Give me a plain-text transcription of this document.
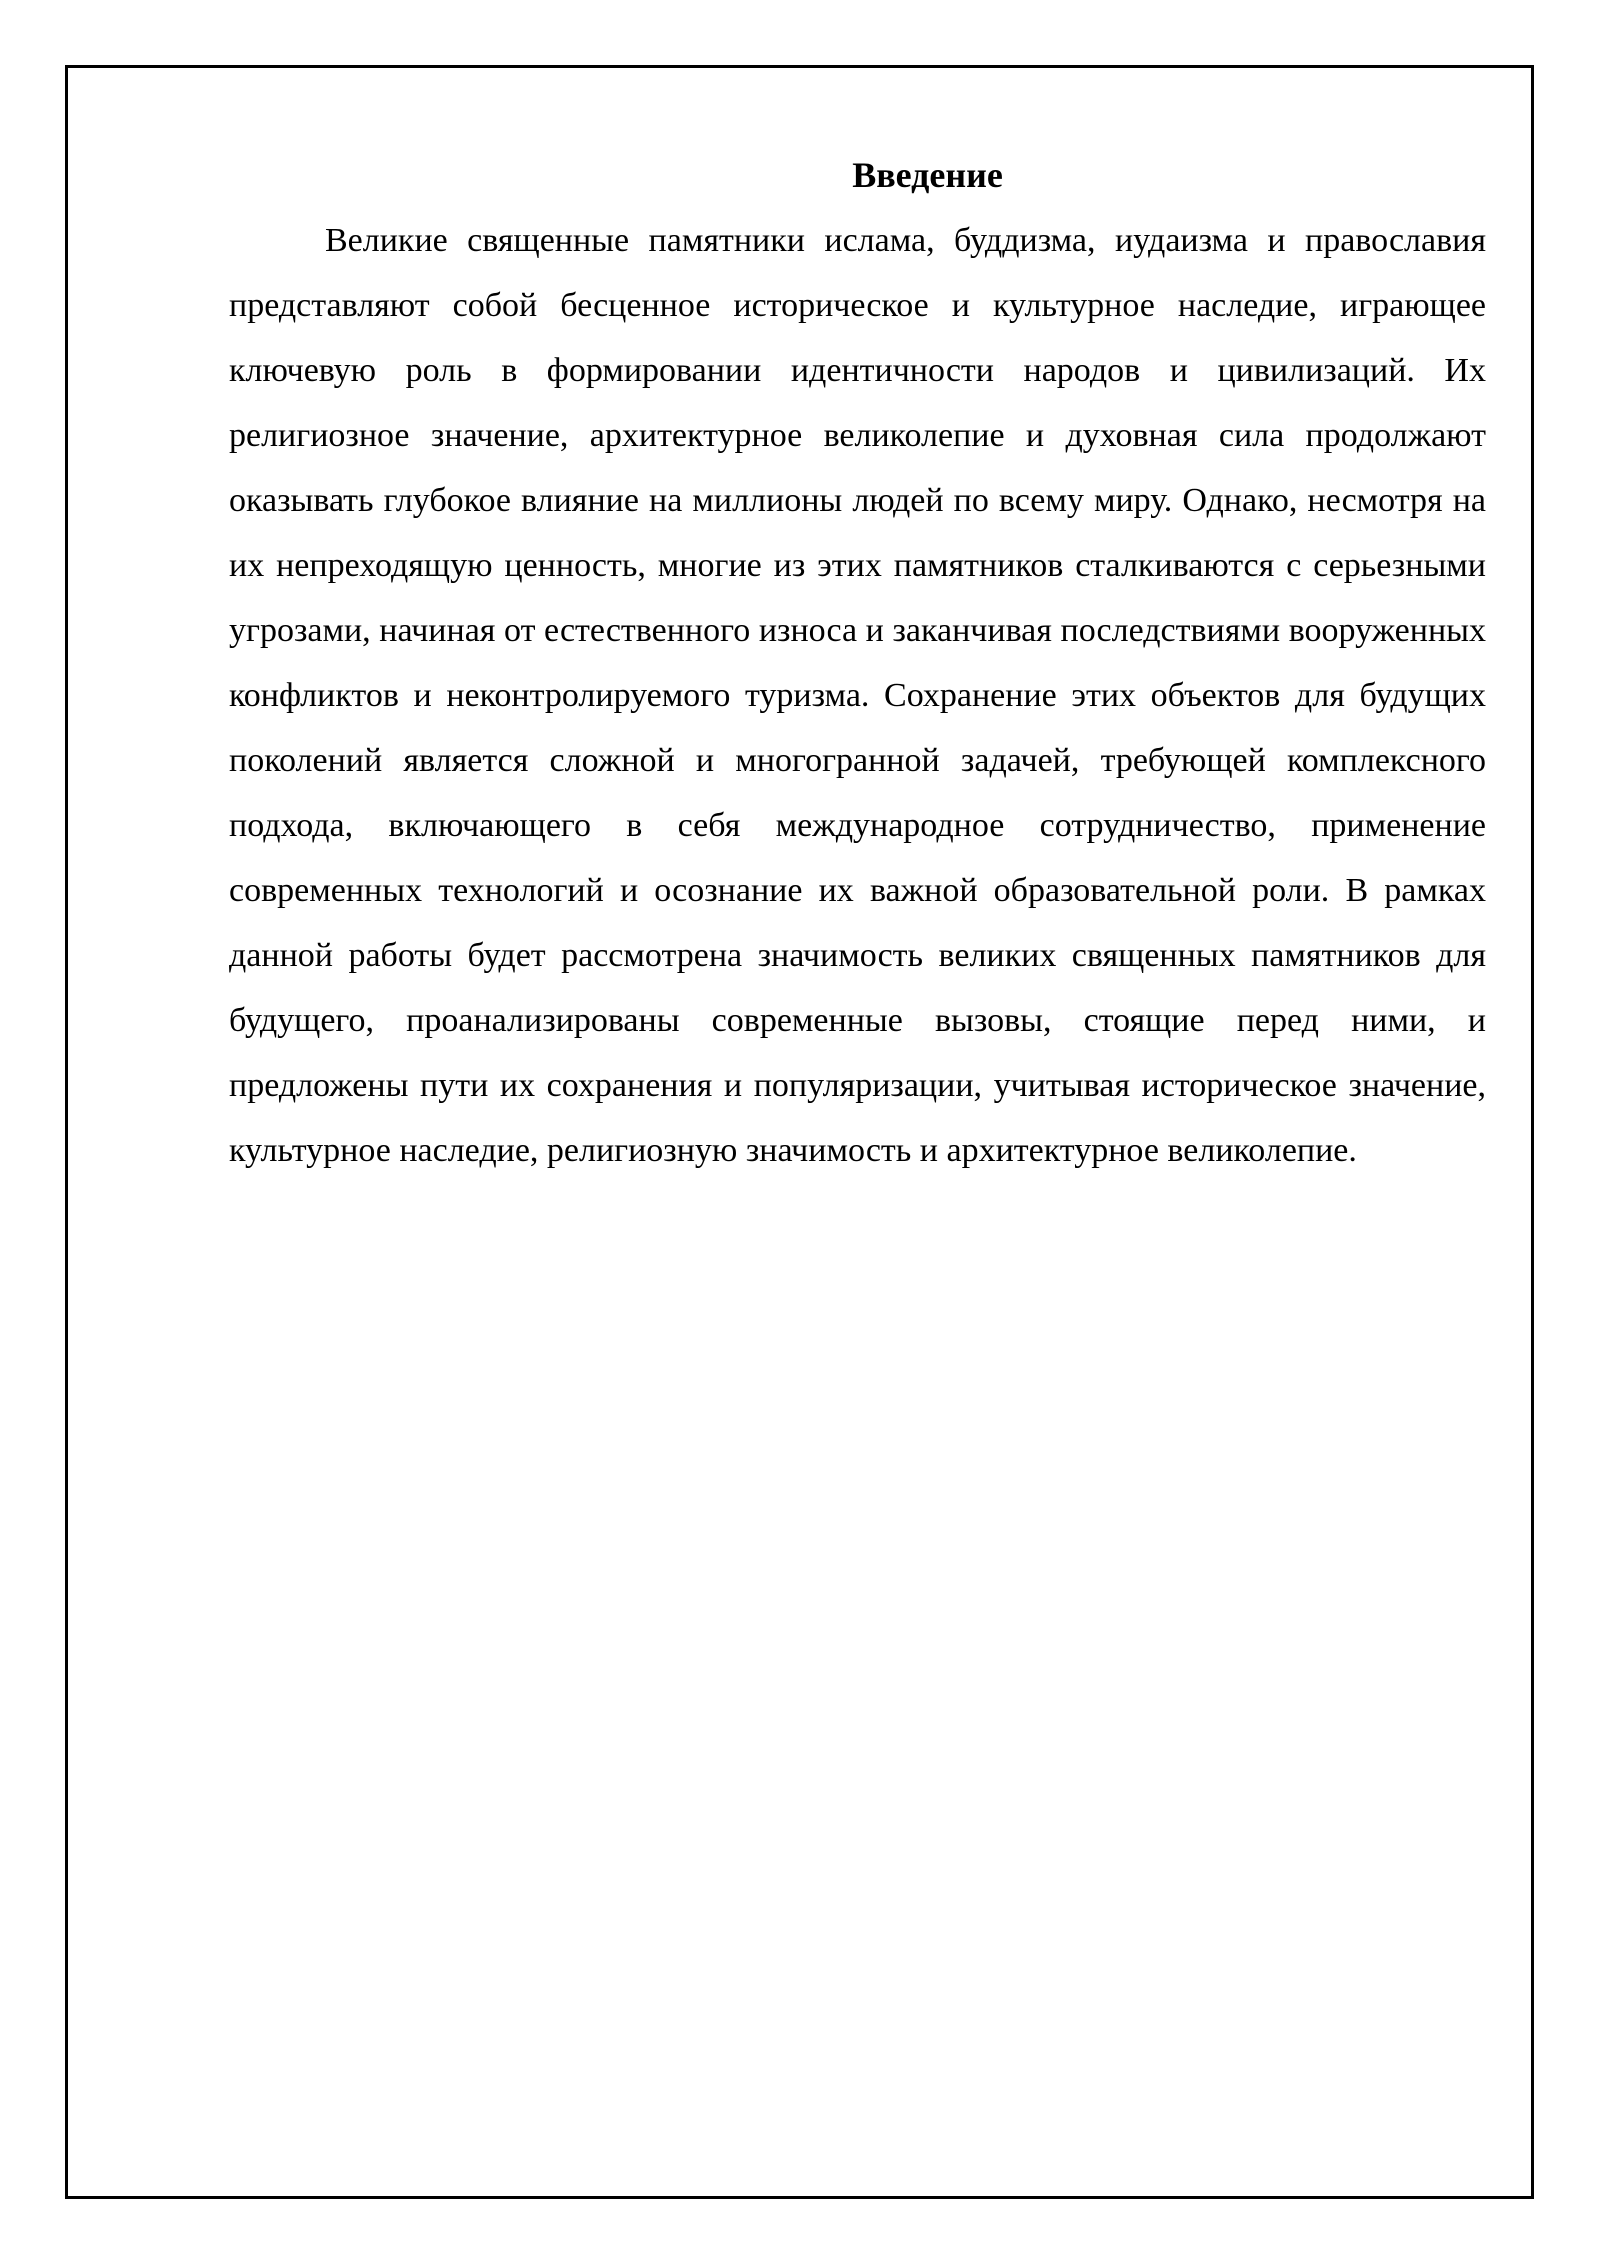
Введение

Великие священные памятники ислама, буддизма, иудаизма и православия представляют собой бесценное историческое и культурное наследие, играющее ключевую роль в формировании идентичности народов и цивилизаций. Их религиозное значение, архитектурное великолепие и духовная сила продолжают оказывать глубокое влияние на миллионы людей по всему миру. Однако, несмотря на их непреходящую ценность, многие из этих памятников сталкиваются с серьезными угрозами, начиная от естественного износа и заканчивая последствиями вооруженных конфликтов и неконтролируемого туризма. Сохранение этих объектов для будущих поколений является сложной и многогранной задачей, требующей комплексного подхода, включающего в себя международное сотрудничество, применение современных технологий и осознание их важной образовательной роли. В рамках данной работы будет рассмотрена значимость великих священных памятников для будущего, проанализированы современные вызовы, стоящие перед ними, и предложены пути их сохранения и популяризации, учитывая историческое значение, культурное наследие, религиозную значимость и архитектурное великолепие.
